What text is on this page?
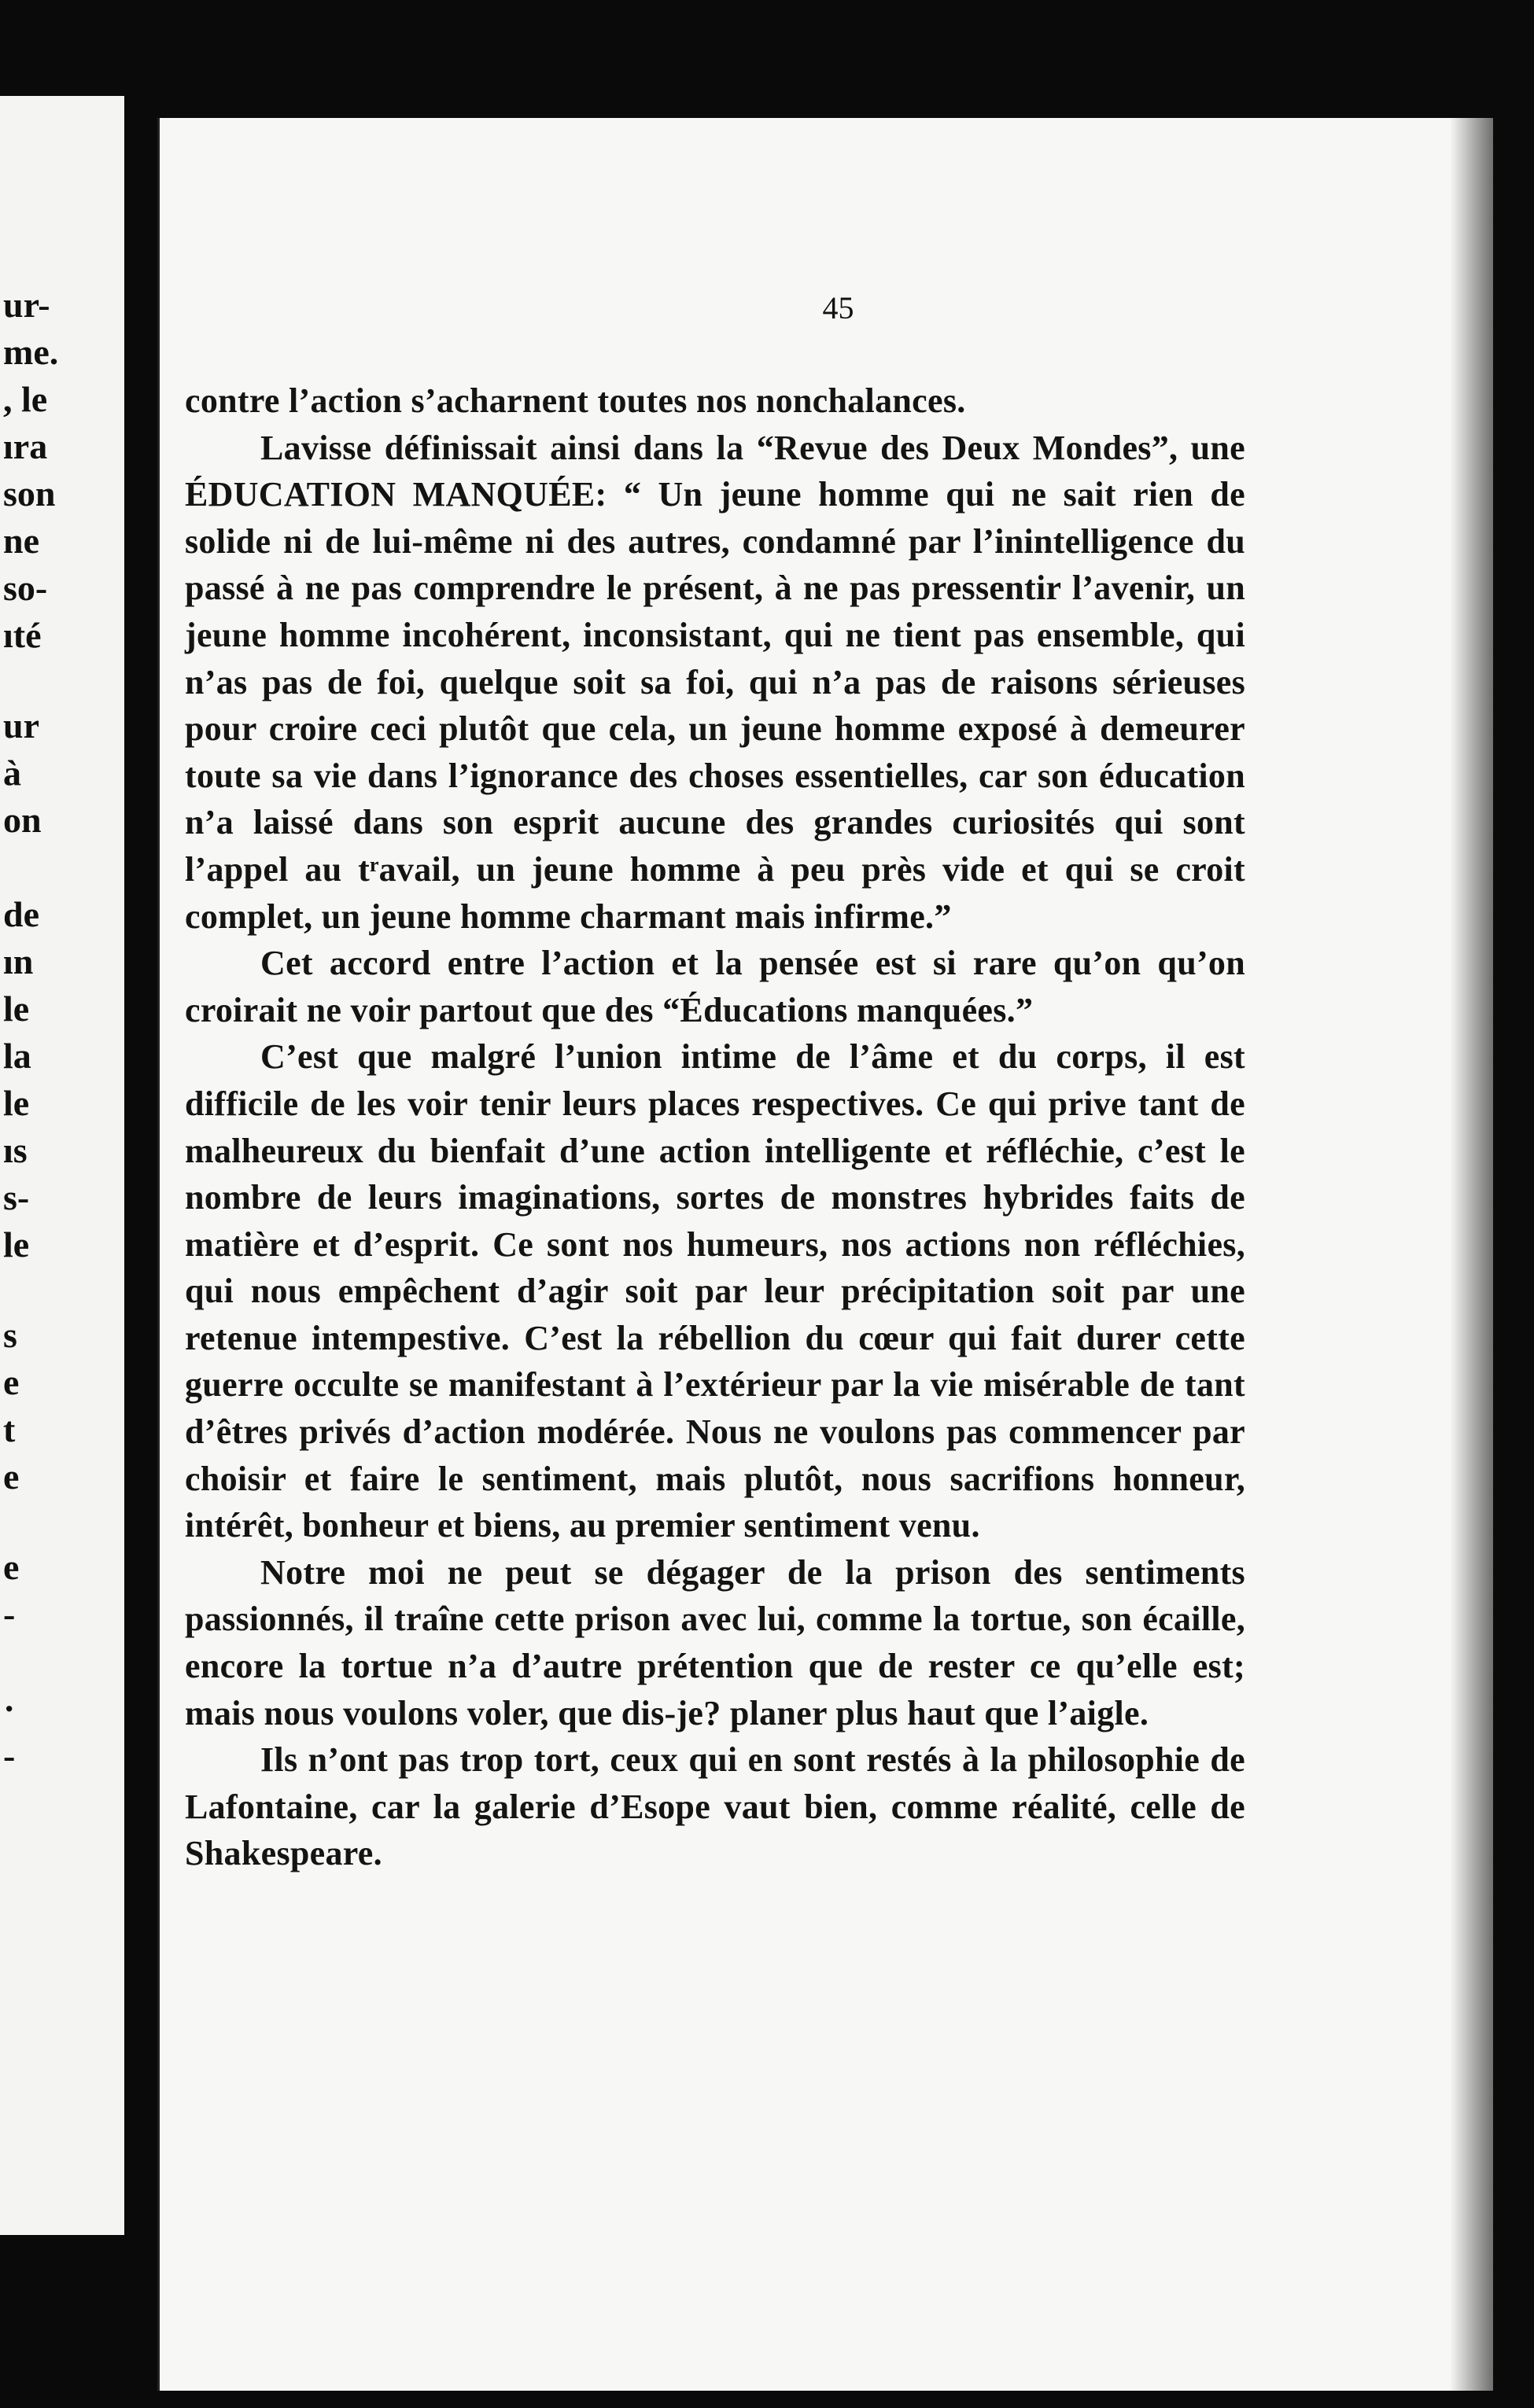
ur-
me.
, le
ıra
son
ne
so-
ıté
ur
à
on
de
ın
le
la
le
ıs
s-
le
s
e
t
e
e
-
·
-
45

contre l’action s’acharnent toutes nos nonchalances.

Lavisse définissait ainsi dans la “Revue des Deux Mondes”, une ÉDUCATION MANQUÉE: “ Un jeune homme qui ne sait rien de solide ni de lui-même ni des autres, condamné par l’inintelligence du passé à ne pas comprendre le présent, à ne pas pressentir l’avenir, un jeune homme incohérent, inconsistant, qui ne tient pas ensemble, qui n’as pas de foi, quelque soit sa foi, qui n’a pas de raisons sérieuses pour croire ceci plutôt que cela, un jeune homme exposé à demeurer toute sa vie dans l’ignorance des choses essentielles, car son éducation n’a laissé dans son esprit aucune des grandes curiosités qui sont l’appel au tʳavail, un jeune homme à peu près vide et qui se croit complet, un jeune homme charmant mais infirme.”

Cet accord entre l’action et la pensée est si rare qu’on qu’on croirait ne voir partout que des “Éducations manquées.”

C’est que malgré l’union intime de l’âme et du corps, il est difficile de les voir tenir leurs places respectives. Ce qui prive tant de malheureux du bienfait d’une action intelligente et réfléchie, c’est le nombre de leurs imaginations, sortes de monstres hybrides faits de matière et d’esprit. Ce sont nos humeurs, nos actions non réfléchies, qui nous empêchent d’agir soit par leur précipitation soit par une retenue intempestive. C’est la rébellion du cœur qui fait durer cette guerre occulte se manifestant à l’extérieur par la vie misérable de tant d’êtres privés d’action modérée. Nous ne voulons pas commencer par choisir et faire le sentiment, mais plutôt, nous sacrifions honneur, intérêt, bonheur et biens, au premier sentiment venu.

Notre moi ne peut se dégager de la prison des sentiments passionnés, il traîne cette prison avec lui, comme la tortue, son écaille, encore la tortue n’a d’autre prétention que de rester ce qu’elle est; mais nous voulons voler, que dis-je? planer plus haut que l’aigle.

Ils n’ont pas trop tort, ceux qui en sont restés à la philosophie de Lafontaine, car la galerie d’Esope vaut bien, comme réalité, celle de Shakespeare.
